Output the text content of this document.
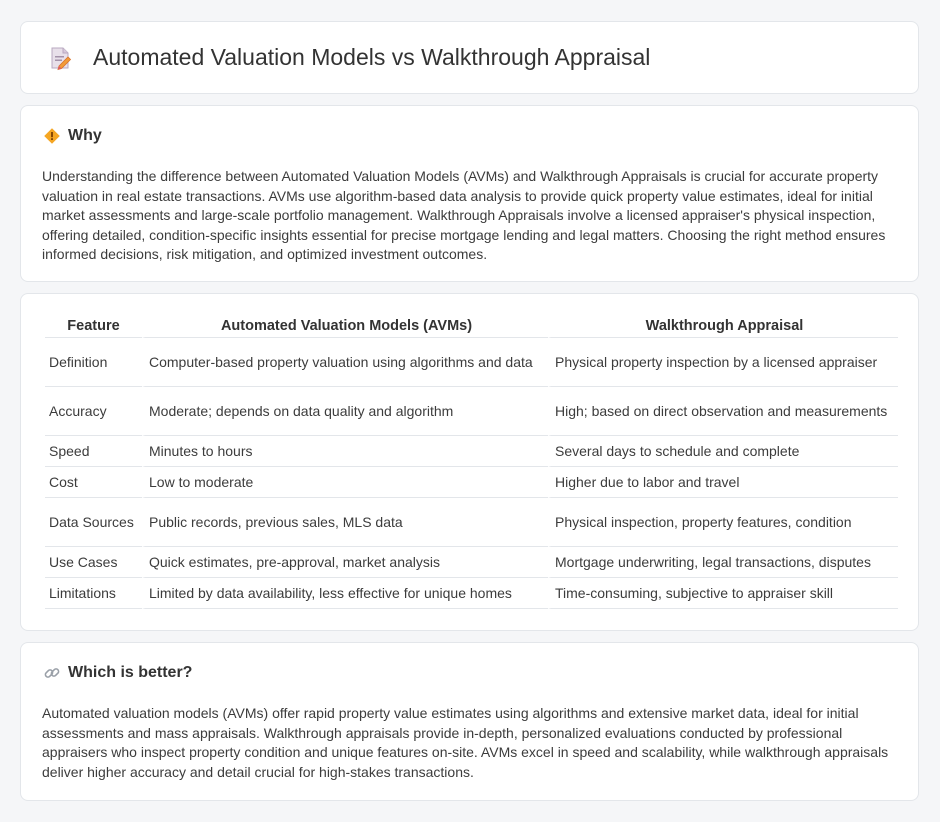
Automated Valuation Models vs Walkthrough Appraisal
Why

Understanding the difference between Automated Valuation Models (AVMs) and Walkthrough Appraisals is crucial for accurate property valuation in real estate transactions. AVMs use algorithm-based data analysis to provide quick property value estimates, ideal for initial market assessments and large-scale portfolio management. Walkthrough Appraisals involve a licensed appraiser's physical inspection, offering detailed, condition-specific insights essential for precise mortgage lending and legal matters. Choosing the right method ensures informed decisions, risk mitigation, and optimized investment outcomes.

Feature	Automated Valuation Models (AVMs)	Walkthrough Appraisal
Definition	Computer-based property valuation using algorithms and data	Physical property inspection by a licensed appraiser
Accuracy	Moderate; depends on data quality and algorithm	High; based on direct observation and measurements
Speed	Minutes to hours	Several days to schedule and complete
Cost	Low to moderate	Higher due to labor and travel
Data Sources	Public records, previous sales, MLS data	Physical inspection, property features, condition
Use Cases	Quick estimates, pre-approval, market analysis	Mortgage underwriting, legal transactions, disputes
Limitations	Limited by data availability, less effective for unique homes	Time-consuming, subjective to appraiser skill
Which is better?

Automated valuation models (AVMs) offer rapid property value estimates using algorithms and extensive market data, ideal for initial assessments and mass appraisals. Walkthrough appraisals provide in-depth, personalized evaluations conducted by professional appraisers who inspect property condition and unique features on-site. AVMs excel in speed and scalability, while walkthrough appraisals deliver higher accuracy and detail crucial for high-stakes transactions.
